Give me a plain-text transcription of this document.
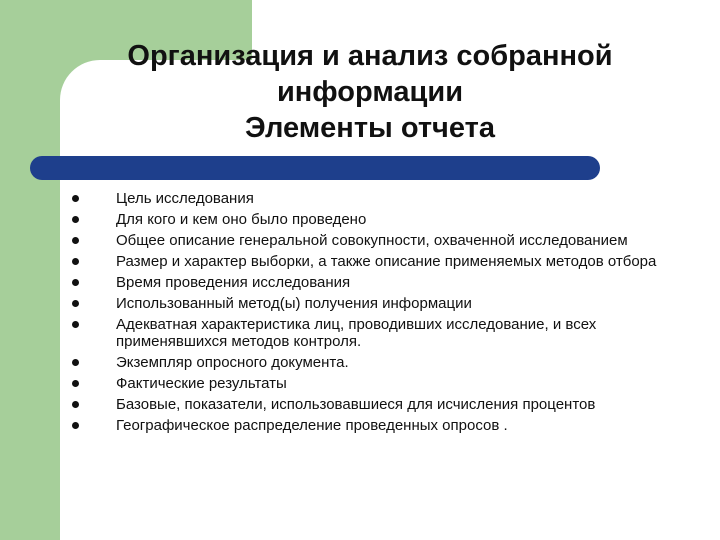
Организация и анализ собранной
информации
Элементы отчета
Цель исследования
Для кого и кем оно было проведено
Общее описание генеральной совокупности, охваченной исследованием
Размер и характер выборки, а также описание применяемых методов отбора
Время проведения исследования
Использованный метод(ы) получения информации
Адекватная характеристика лиц, проводивших исследование, и всех применявшихся методов контроля.
Экземпляр опросного документа.
Фактические результаты
Базовые, показатели, использовавшиеся для исчисления процентов
Географическое распределение проведенных опросов .
